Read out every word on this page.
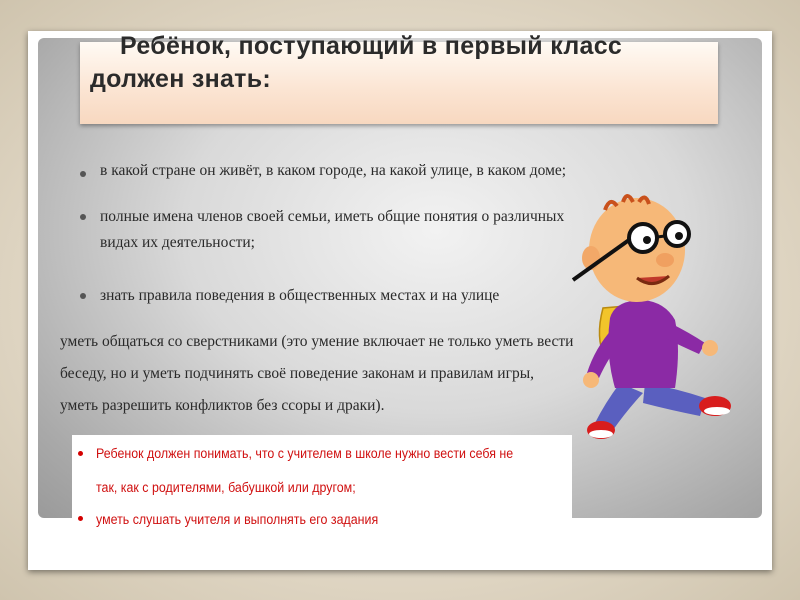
Ребёнок, поступающий в первый класс должен знать:
в какой стране он живёт, в каком городе, на какой улице, в каком доме;
полные имена членов своей семьи, иметь общие понятия о различных видах их деятельности;
знать правила поведения в общественных местах и на улице
уметь общаться со сверстниками (это умение включает не только уметь вести
беседу, но и уметь подчинять своё поведение законам и правилам игры,
уметь разрешить конфликтов без ссоры и драки).
Ребенок должен понимать, что с учителем в школе нужно вести себя не
так, как с родителями, бабушкой или другом;
уметь слушать учителя и выполнять его задания
